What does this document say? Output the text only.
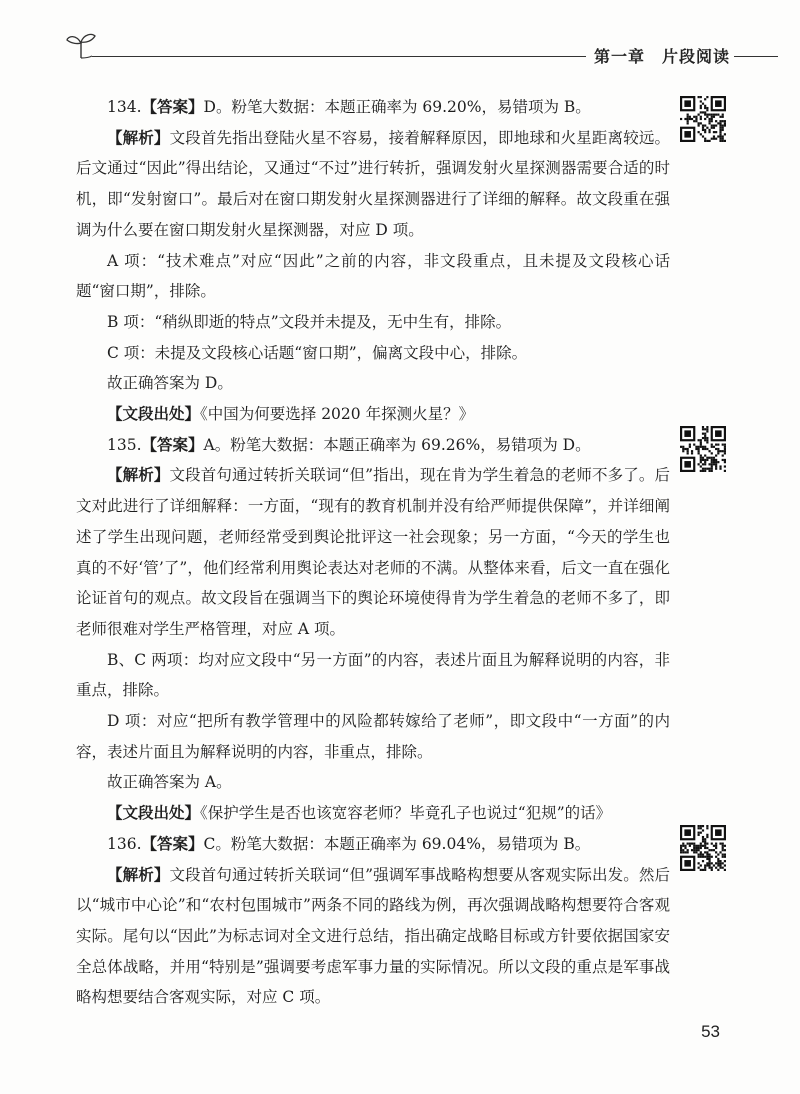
第一章　片段阅读

134.【答案】D。粉笔大数据：本题正确率为 69.20%，易错项为 B。

【解析】文段首先指出登陆火星不容易，接着解释原因，即地球和火星距离较远。后文通过“因此”得出结论，又通过“不过”进行转折，强调发射火星探测器需要合适的时机，即“发射窗口”。最后对在窗口期发射火星探测器进行了详细的解释。故文段重在强调为什么要在窗口期发射火星探测器，对应 D 项。

A 项：“技术难点”对应“因此”之前的内容，非文段重点，且未提及文段核心话题“窗口期”，排除。

B 项：“稍纵即逝的特点”文段并未提及，无中生有，排除。

C 项：未提及文段核心话题“窗口期”，偏离文段中心，排除。

故正确答案为 D。

【文段出处】《中国为何要选择 2020 年探测火星？》

135.【答案】A。粉笔大数据：本题正确率为 69.26%，易错项为 D。

【解析】文段首句通过转折关联词“但”指出，现在肯为学生着急的老师不多了。后文对此进行了详细解释：一方面，“现有的教育机制并没有给严师提供保障”，并详细阐述了学生出现问题，老师经常受到舆论批评这一社会现象；另一方面，“今天的学生也真的不好‘管’了”，他们经常利用舆论表达对老师的不满。从整体来看，后文一直在强化论证首句的观点。故文段旨在强调当下的舆论环境使得肯为学生着急的老师不多了，即老师很难对学生严格管理，对应 A 项。

B、C 两项：均对应文段中“另一方面”的内容，表述片面且为解释说明的内容，非重点，排除。

D 项：对应“把所有教学管理中的风险都转嫁给了老师”，即文段中“一方面”的内容，表述片面且为解释说明的内容，非重点，排除。

故正确答案为 A。

【文段出处】《保护学生是否也该宽容老师？毕竟孔子也说过“犯规”的话》

136.【答案】C。粉笔大数据：本题正确率为 69.04%，易错项为 B。

【解析】文段首句通过转折关联词“但”强调军事战略构想要从客观实际出发。然后以“城市中心论”和“农村包围城市”两条不同的路线为例，再次强调战略构想要符合客观实际。尾句以“因此”为标志词对全文进行总结，指出确定战略目标或方针要依据国家安全总体战略，并用“特别是”强调要考虑军事力量的实际情况。所以文段的重点是军事战略构想要结合客观实际，对应 C 项。

53
